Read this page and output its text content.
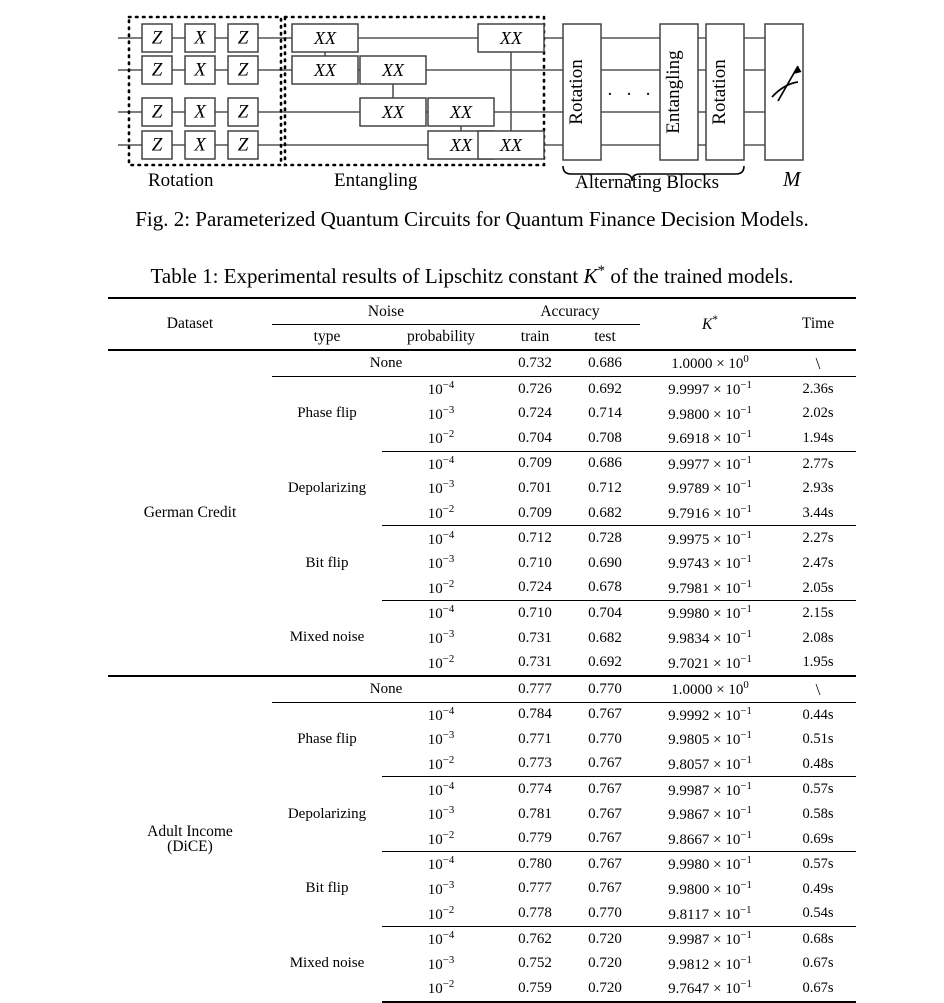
Z X Z
Z X Z
Z X Z
Z X Z
XX
XX	XX
XX	XX
XX
XX
XX
Rotation · · · Entangling Rotation
Rotation	Entangling	Alternating Blocks	M
Fig. 2: Parameterized Quantum Circuits for Quantum Finance Decision Models.
Table 1: Experimental results of Lipschitz constant K* of the trained models.
Dataset	Noise		Accuracy		K*	Time
	type	probability	train	test		

German Credit	None		0.732	0.686	$1.0000 \times 10^0$	\
	Phase flip	$10^{-4}$	0.726	0.692	$9.9997 \times 10^{-1}$	2.36s
		$10^{-3}$	0.724	0.714	$9.9800 \times 10^{-1}$	2.02s
		$10^{-2}$	0.704	0.708	$9.6918 \times 10^{-1}$	1.94s
	Depolarizing	$10^{-4}$	0.709	0.686	$9.9977 \times 10^{-1}$	2.77s
		$10^{-3}$	0.701	0.712	$9.9789 \times 10^{-1}$	2.93s
		$10^{-2}$	0.709	0.682	$9.7916 \times 10^{-1}$	3.44s
	Bit flip	$10^{-4}$	0.712	0.728	$9.9975 \times 10^{-1}$	2.27s
		$10^{-3}$	0.710	0.690	$9.9743 \times 10^{-1}$	2.47s
		$10^{-2}$	0.724	0.678	$9.7981 \times 10^{-1}$	2.05s
	Mixed noise	$10^{-4}$	0.710	0.704	$9.9980 \times 10^{-1}$	2.15s
		$10^{-3}$	0.731	0.682	$9.9834 \times 10^{-1}$	2.08s
		$10^{-2}$	0.731	0.692	$9.7021 \times 10^{-1}$	1.95s

Adult Income
(DiCE)	None		0.777	0.770	$1.0000 \times 10^0$	\
	Phase flip	$10^{-4}$	0.784	0.767	$9.9992 \times 10^{-1}$	0.44s
		$10^{-3}$	0.771	0.770	$9.9805 \times 10^{-1}$	0.51s
		$10^{-2}$	0.773	0.767	$9.8057 \times 10^{-1}$	0.48s
	Depolarizing	$10^{-4}$	0.774	0.767	$9.9987 \times 10^{-1}$	0.57s
		$10^{-3}$	0.781	0.767	$9.9867 \times 10^{-1}$	0.58s
		$10^{-2}$	0.779	0.767	$9.8667 \times 10^{-1}$	0.69s
	Bit flip	$10^{-4}$	0.780	0.767	$9.9980 \times 10^{-1}$	0.57s
		$10^{-3}$	0.777	0.767	$9.9800 \times 10^{-1}$	0.49s
		$10^{-2}$	0.778	0.770	$9.8117 \times 10^{-1}$	0.54s
	Mixed noise	$10^{-4}$	0.762	0.720	$9.9987 \times 10^{-1}$	0.68s
		$10^{-3}$	0.752	0.720	$9.9812 \times 10^{-1}$	0.67s
		$10^{-2}$	0.759	0.720	$9.7647 \times 10^{-1}$	0.67s
